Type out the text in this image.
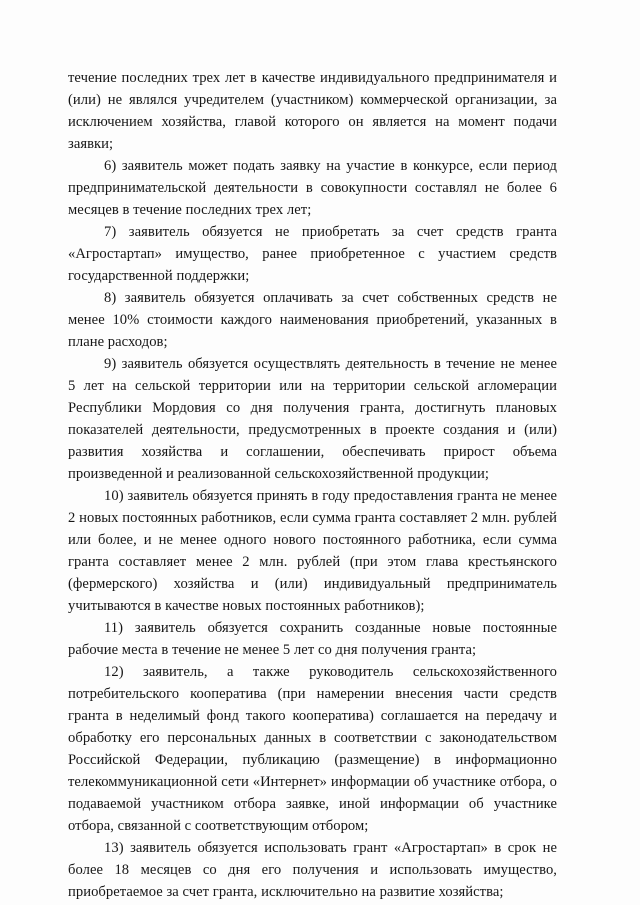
течение последних трех лет в качестве индивидуального предпринимателя и
(или) не являлся учредителем (участником) коммерческой организации, за
исключением хозяйства, главой которого он является на момент подачи
заявки;
6) заявитель может подать заявку на участие в конкурсе, если период
предпринимательской деятельности в совокупности составлял не более 6
месяцев в течение последних трех лет;
7) заявитель обязуется не приобретать за счет средств гранта
«Агростартап» имущество, ранее приобретенное с участием средств
государственной поддержки;
8) заявитель обязуется оплачивать за счет собственных средств не
менее 10% стоимости каждого наименования приобретений, указанных в
плане расходов;
9) заявитель обязуется осуществлять деятельность в течение не менее
5 лет на сельской территории или на территории сельской агломерации
Республики Мордовия со дня получения гранта, достигнуть плановых
показателей деятельности, предусмотренных в проекте создания и (или)
развития хозяйства и соглашении, обеспечивать прирост объема
произведенной и реализованной сельскохозяйственной продукции;
10) заявитель обязуется принять в году предоставления гранта не менее
2 новых постоянных работников, если сумма гранта составляет 2 млн. рублей
или более, и не менее одного нового постоянного работника, если сумма
гранта составляет менее 2 млн. рублей (при этом глава крестьянского
(фермерского) хозяйства и (или) индивидуальный предприниматель
учитываются в качестве новых постоянных работников);
11) заявитель обязуется сохранить созданные новые постоянные
рабочие места в течение не менее 5 лет со дня получения гранта;
12) заявитель, а также руководитель сельскохозяйственного
потребительского кооператива (при намерении внесения части средств
гранта в неделимый фонд такого кооператива) соглашается на передачу и
обработку его персональных данных в соответствии с законодательством
Российской Федерации, публикацию (размещение) в информационно
телекоммуникационной сети «Интернет» информации об участнике отбора, о
подаваемой участником отбора заявке, иной информации об участнике
отбора, связанной с соответствующим отбором;
13) заявитель обязуется использовать грант «Агростартап» в срок не
более 18 месяцев со дня его получения и использовать имущество,
приобретаемое за счет гранта, исключительно на развитие хозяйства;
